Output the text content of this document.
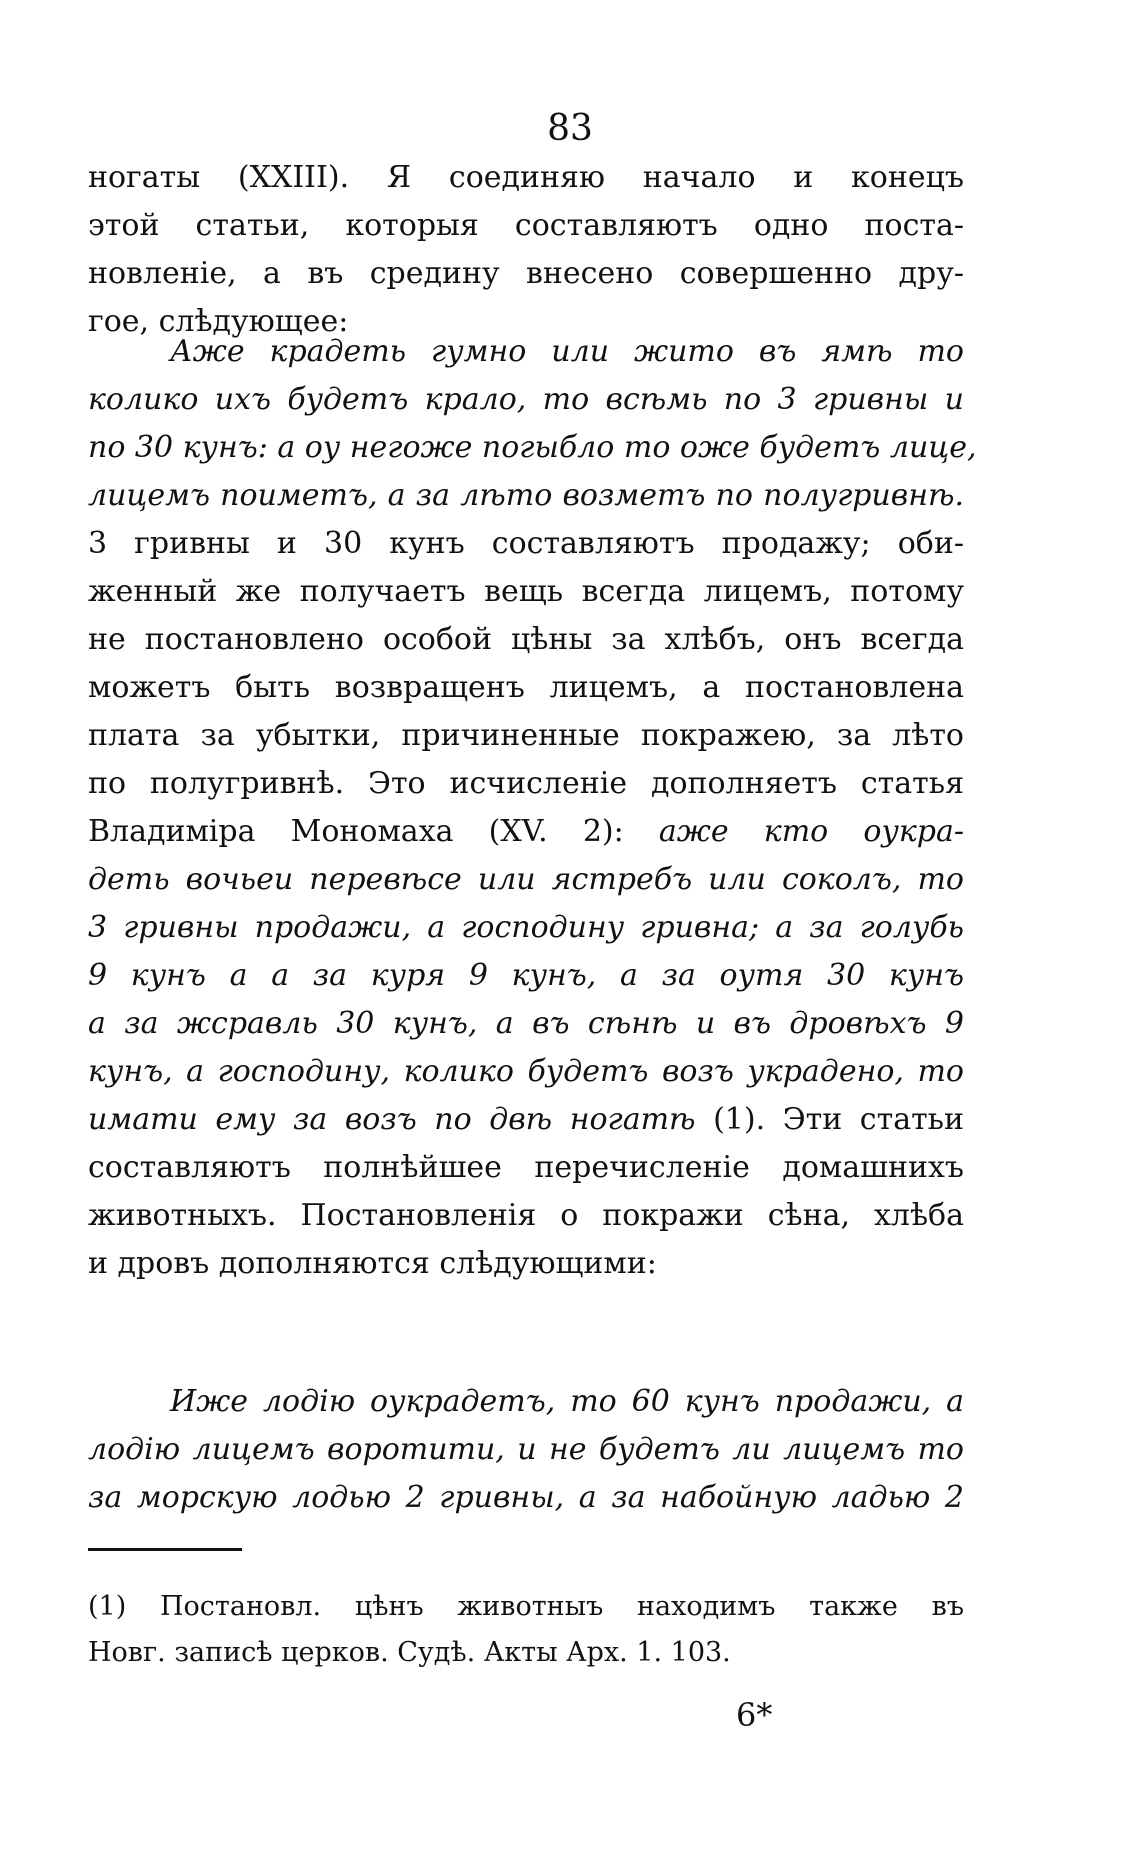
83
ногаты (XXIII). Я соединяю начало и конецъ
этой статьи, которыя составляютъ одно поста-
новленіе, а въ средину внесено совершенно дру-
гое, слѣдующее:
Аже крадеть гумно или жито въ ямѣ то
колико ихъ будетъ крало, то всѣмь по 3 гривны и
по 30 кунъ: а оу негоже погыбло то оже будетъ лице,
лицемъ поиметъ, а за лѣто возметъ по полугривнѣ.
3 гривны и 30 кунъ составляютъ продажу; оби-
женный же получаетъ вещь всегда лицемъ, потому
не постановлено особой цѣны за хлѣбъ, онъ всегда
можетъ быть возвращенъ лицемъ, а постановлена
плата за убытки, причиненные покражею, за лѣто
по полугривнѣ. Это исчисленіе дополняетъ статья
Владиміра Мономаха (XV. 2): аже кто оукра-
деть вочьеи перевѣсе или ястребъ или соколъ, то
3 гривны продажи, а господину гривна; а за голубь
9 кунъ а а за куря 9 кунъ, а за оутя 30 кунъ
а за жсравль 30 кунъ, а въ сѣнѣ и въ дровѣхъ 9
кунъ, а господину, колико будетъ возъ украдено, то
имати ему за возъ по двѣ ногатѣ (1). Эти статьи
составляютъ полнѣйшее перечисленіе домашнихъ
животныхъ. Постановленія о покражи сѣна, хлѣба
и дровъ дополняются слѣдующими:
Иже лодію оукрадетъ, то 60 кунъ продажи, а
лодію лицемъ воротити, и не будетъ ли лицемъ то
за морскую лодью 2 гривны, а за набойную ладью 2
(1) Постановл. цѣнъ животныъ находимъ также въ
Новг. записѣ церков. Судѣ. Акты Арх. 1. 103.
6*
